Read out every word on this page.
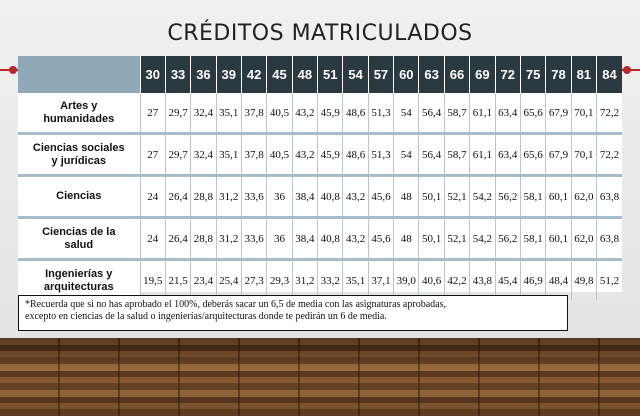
CRÉDITOS MATRICULADOS
	30	33	36	39	42	45	48	51	54	57	60	63	66	69	72	75	78	81	84

Artes y
humanidades	27	29,7	32,4	35,1	37,8	40,5	43,2	45,9	48,6	51,3	54	56,4	58,7	61,1	63,4	65,6	67,9	70,1	72,2

Ciencias sociales
y jurídicas	27	29,7	32,4	35,1	37,8	40,5	43,2	45,9	48,6	51,3	54	56,4	58,7	61,1	63,4	65,6	67,9	70,1	72,2

Ciencias	24	26,4	28,8	31,2	33,6	36	38,4	40,8	43,2	45,6	48	50,1	52,1	54,2	56,2	58,1	60,1	62,0	63,8

Ciencias de la
salud	24	26,4	28,8	31,2	33,6	36	38,4	40,8	43,2	45,6	48	50,1	52,1	54,2	56,2	58,1	60,1	62,0	63,8

Ingenierías y
arquitecturas	19,5	21,5	23,4	25,4	27,3	29,3	31,2	33,2	35,1	37,1	39,0	40,6	42,2	43,8	45,4	46,9	48,4	49,8	51,2
*Recuerda que si no has aprobado el 100%, deberás sacar un 6,5 de media con las asignaturas aprobadas,
excepto en ciencias de la salud o ingenierías/arquitecturas donde te pedirán un 6 de media.
